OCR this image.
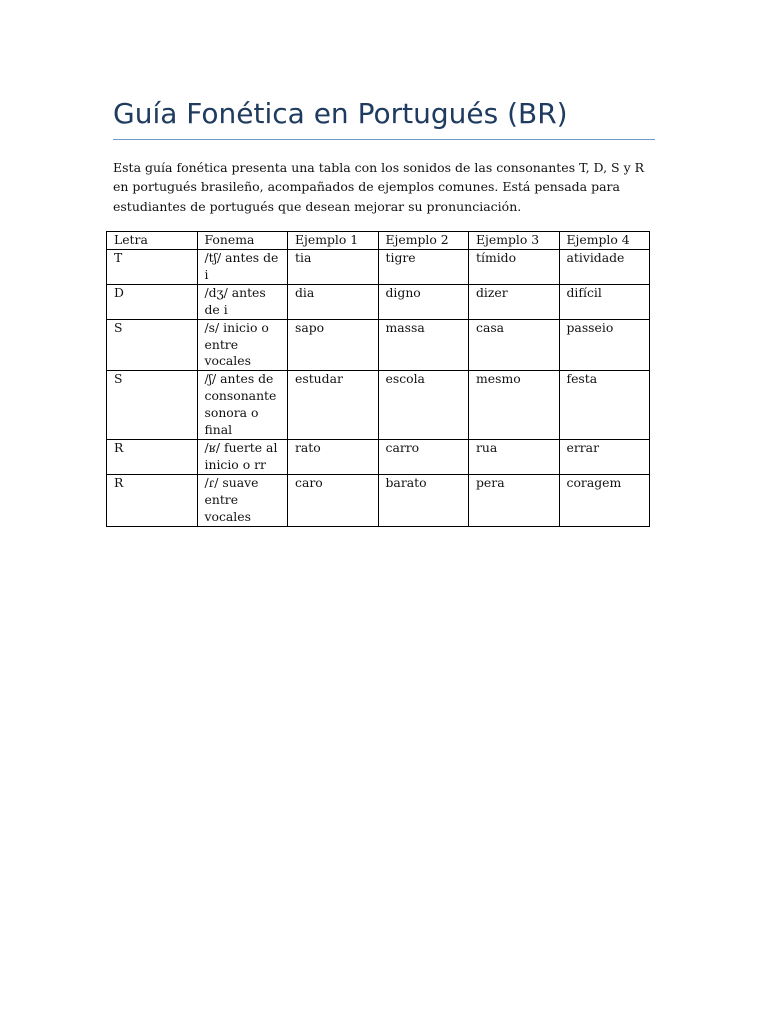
Guía Fonética en Portugués (BR)

Esta guía fonética presenta una tabla con los sonidos de las consonantes T, D, S y R en portugués brasileño, acompañados de ejemplos comunes. Está pensada para estudiantes de portugués que desean mejorar su pronunciación.

Letra	Fonema	Ejemplo 1	Ejemplo 2	Ejemplo 3	Ejemplo 4
T	/tʃ/ antes de i	tia	tigre	tímido	atividade
D	/dʒ/ antes de i	dia	digno	dizer	difícil
S	/s/ inicio o entre vocales	sapo	massa	casa	passeio
S	/ʃ/ antes de consonante sonora o final	estudar	escola	mesmo	festa
R	/ʁ/ fuerte al inicio o rr	rato	carro	rua	errar
R	/ɾ/ suave entre vocales	caro	barato	pera	coragem
